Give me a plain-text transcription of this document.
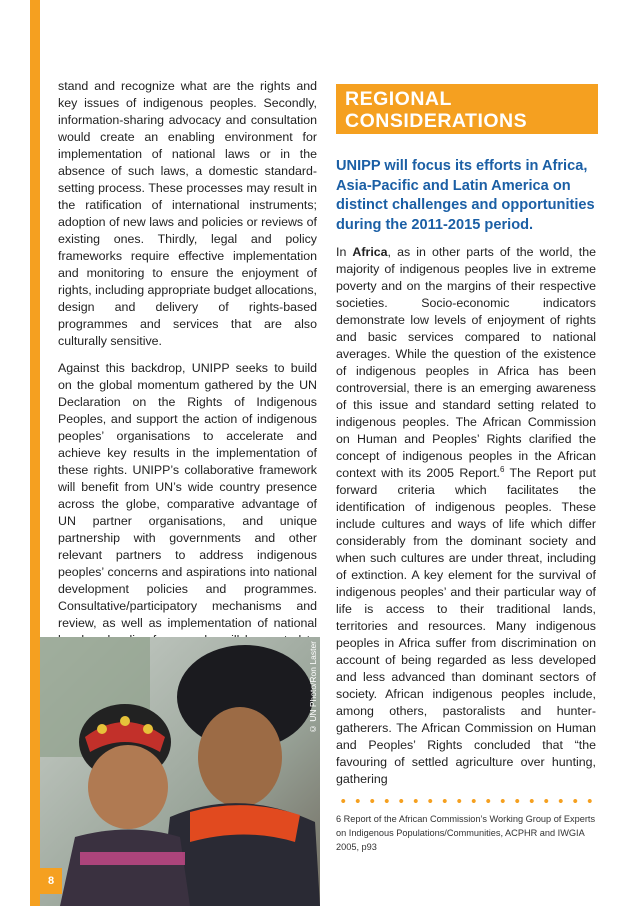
stand and recognize what are the rights and key issues of indigenous peoples. Secondly, information-sharing advocacy and consultation would create an enabling environment for implementation of national laws or in the absence of such laws, a domestic standard-setting process. These processes may result in the ratification of international instruments; adoption of new laws and policies or reviews of existing ones. Thirdly, legal and policy frameworks require effective implementation and monitoring to ensure the enjoyment of rights, including appropriate budget allocations, design and delivery of rights-based programmes and services that are also culturally sensitive.

Against this backdrop, UNIPP seeks to build on the global momentum gathered by the UN Declaration on the Rights of Indigenous Peoples, and support the action of indigenous peoples’ organisations to accelerate and achieve key results in the implementation of these rights. UNIPP’s collaborative framework will benefit from UN’s wide country presence across the globe, comparative advantage of UN partner organisations, and unique partnership with governments and other relevant partners to address indigenous peoples’ concerns and aspirations into national development policies and programmes. Consultative/participatory mechanisms and review, as well as implementation of national

REGIONAL
CONSIDERATIONS
UNIPP will focus its efforts in Africa, Asia-Pacific and Latin America on distinct challenges and opportunities during the 2011-2015 period.

In Africa, as in other parts of the world, the majority of indigenous peoples live in extreme poverty and on the margins of their respective societies. Socio-economic indicators demonstrate low levels of enjoyment of rights and basic services compared to national averages. While the question of the existence of indigenous peoples in Africa has been controversial, there is an emerging awareness of this issue and standard setting related to indigenous peoples. The African Commission on Human and Peoples’ Rights clarified the concept of indigenous peoples in the African context with its 2005 Report.$^6$ The Report put forward criteria which facilitates the identification of indigenous peoples. These include cultures and ways of life which differ considerably from the dominant society and when such cultures are under threat, including of extinction. A key element for the survival of indigenous peoples’ and their particular way of life is access to their traditional lands, territories and resources. Many indigenous peoples in Africa suffer from discrimination on account of being regarded as less developed and less advanced than dominant sectors of society. African indigenous peoples include, among others, pastoralists and hunter-gatherers. The African Commission on Human and Peoples’ Rights concluded that “the favouring of settled agriculture over hunting, gathering

6 Report of the African Commission’s Working Group of Experts on Indigenous Populations/Communities, ACPHR and IWGIA 2005, p93
© UN Photo/Ron Laster
8
